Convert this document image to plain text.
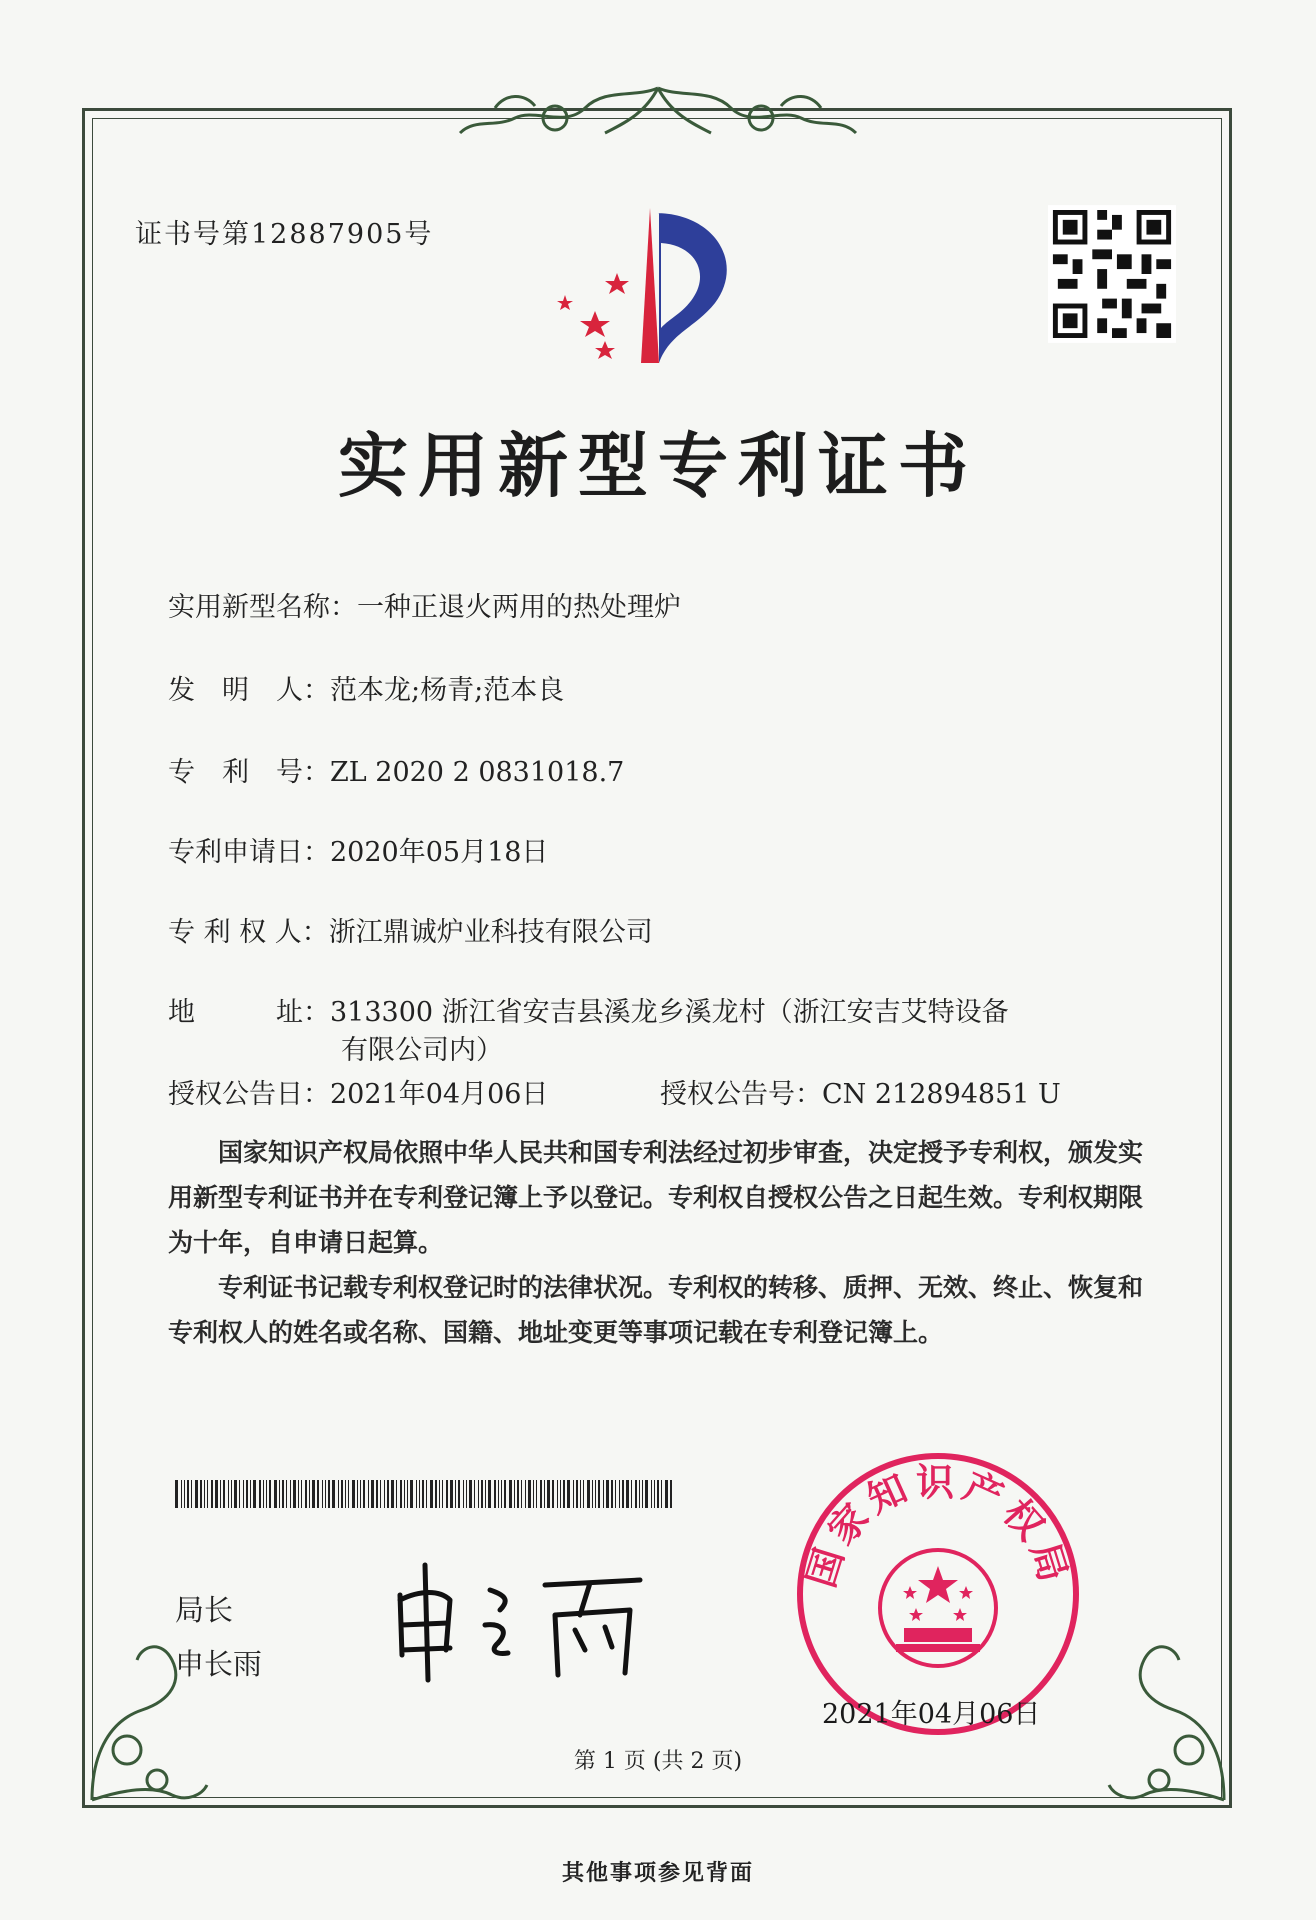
证书号第12887905号
实用新型专利证书
实用新型名称：一种正退火两用的热处理炉
发　明　人：范本龙;杨青;范本良
专　利　号：ZL 2020 2 0831018.7
专利申请日：2020年05月18日
专 利 权 人：浙江鼎诚炉业科技有限公司
地　　　址：313300 浙江省安吉县溪龙乡溪龙村（浙江安吉艾特设备
有限公司内）
授权公告日：2021年04月06日	授权公告号：CN 212894851 U

国家知识产权局依照中华人民共和国专利法经过初步审查，决定授予专利权，颁发实用新型专利证书并在专利登记簿上予以登记。专利权自授权公告之日起生效。专利权期限为十年，自申请日起算。

专利证书记载专利权登记时的法律状况。专利权的转移、质押、无效、终止、恢复和专利权人的姓名或名称、国籍、地址变更等事项记载在专利登记簿上。

局长
申长雨
国家知识产权局
2021年04月06日
第 1 页 (共 2 页)
其他事项参见背面
